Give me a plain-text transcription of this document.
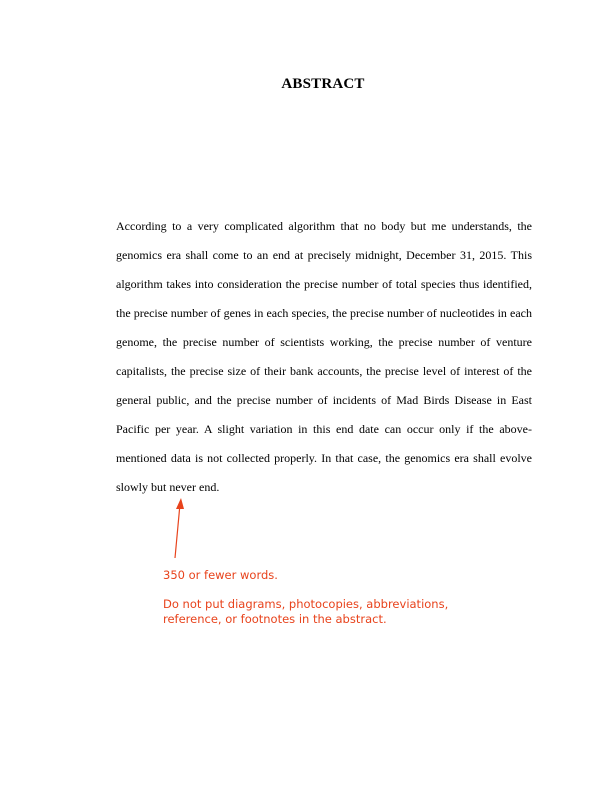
ABSTRACT

According to a very complicated algorithm that no body but me understands, the genomics era shall come to an end at precisely midnight, December 31, 2015. This algorithm takes into consideration the precise number of total species thus identified, the precise number of genes in each species, the precise number of nucleotides in each genome, the precise number of scientists working, the precise number of venture capitalists, the precise size of their bank accounts, the precise level of interest of the general public, and the precise number of incidents of Mad Birds Disease in East Pacific per year. A slight variation in this end date can occur only if the above-mentioned data is not collected properly. In that case, the genomics era shall evolve slowly but never end.

350 or fewer words.
Do not put diagrams, photocopies, abbreviations,
reference, or footnotes in the abstract.
